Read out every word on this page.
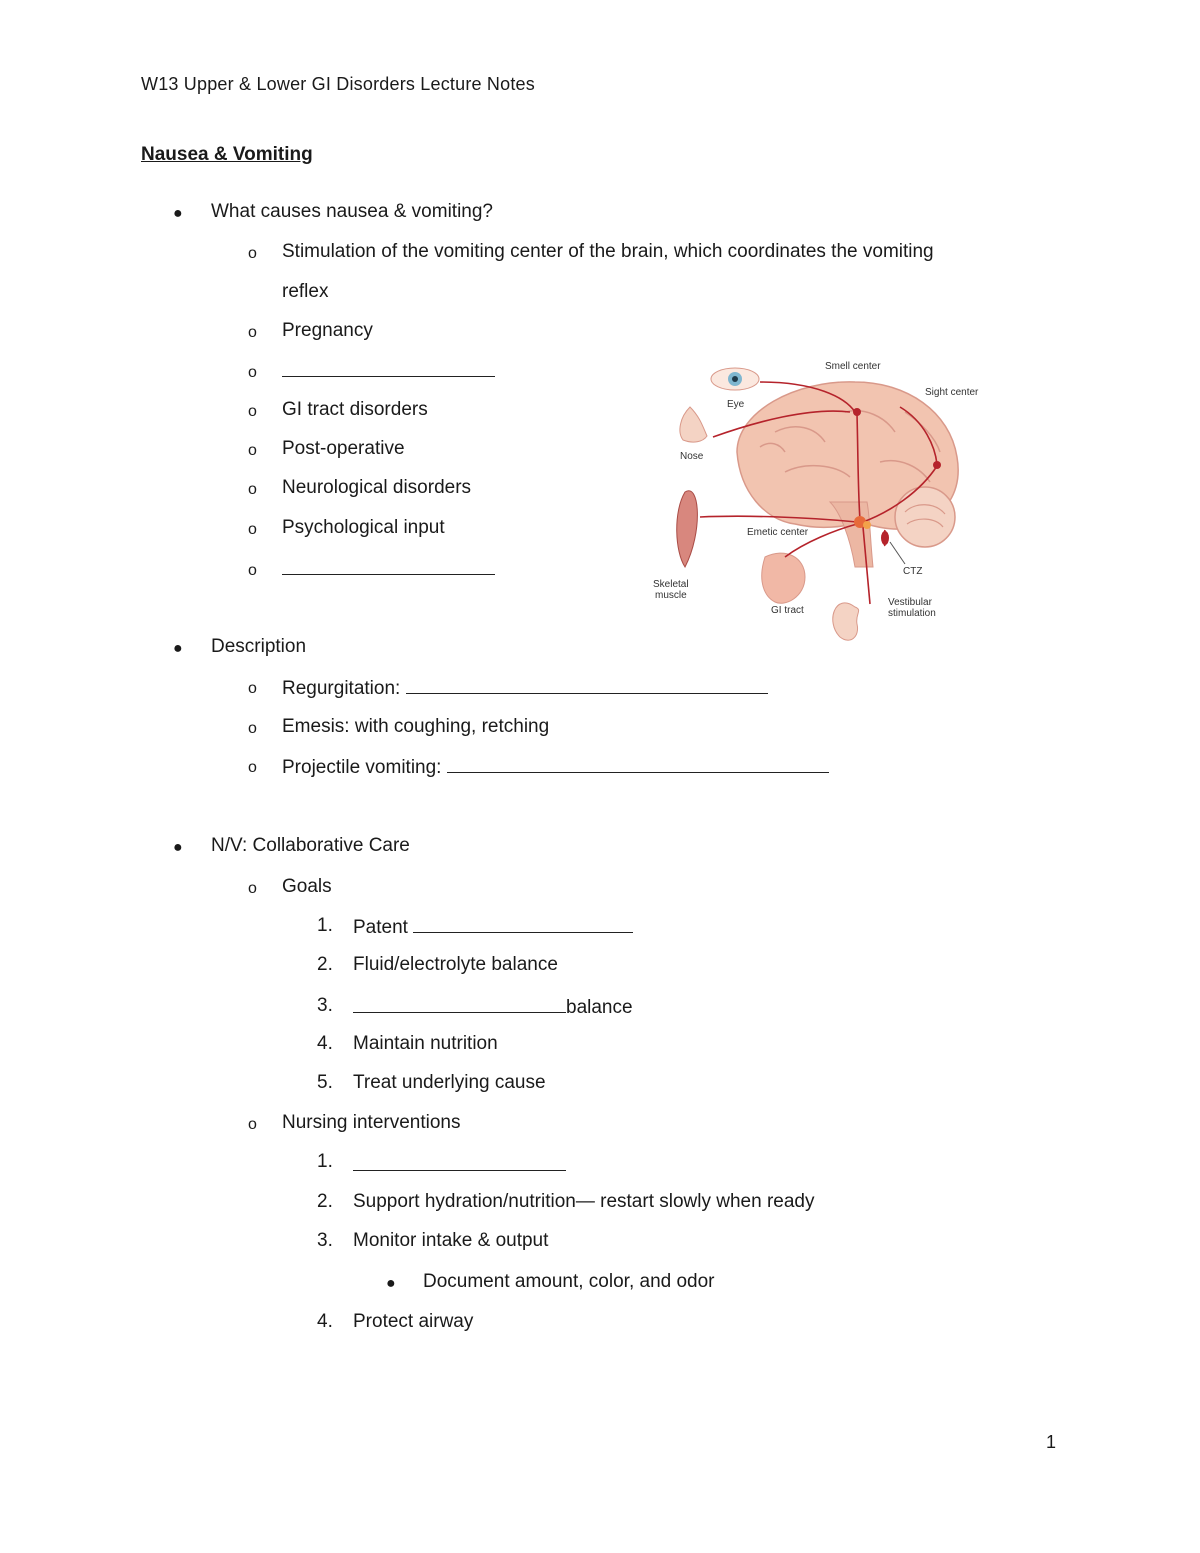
W13 Upper & Lower GI Disorders Lecture Notes
Nausea & Vomiting
● What causes nausea & vomiting?
o Stimulation of the vomiting center of the brain, which coordinates the vomiting
reflex
o Pregnancy
o
o GI tract disorders
o Post-operative
o Neurological disorders
o Psychological input
o
Smell center
Sight center
Eye
Nose
Emetic center
Skeletal
muscle
GI tract
CTZ
Vestibular
stimulation
● Description
o Regurgitation:
o Emesis: with coughing, retching
o Projectile vomiting:
● N/V: Collaborative Care
o Goals
1. Patent
2. Fluid/electrolyte balance
3.	balance
4. Maintain nutrition
5. Treat underlying cause
o Nursing interventions
1.
2. Support hydration/nutrition— restart slowly when ready
3. Monitor intake & output
● Document amount, color, and odor
4. Protect airway
1
